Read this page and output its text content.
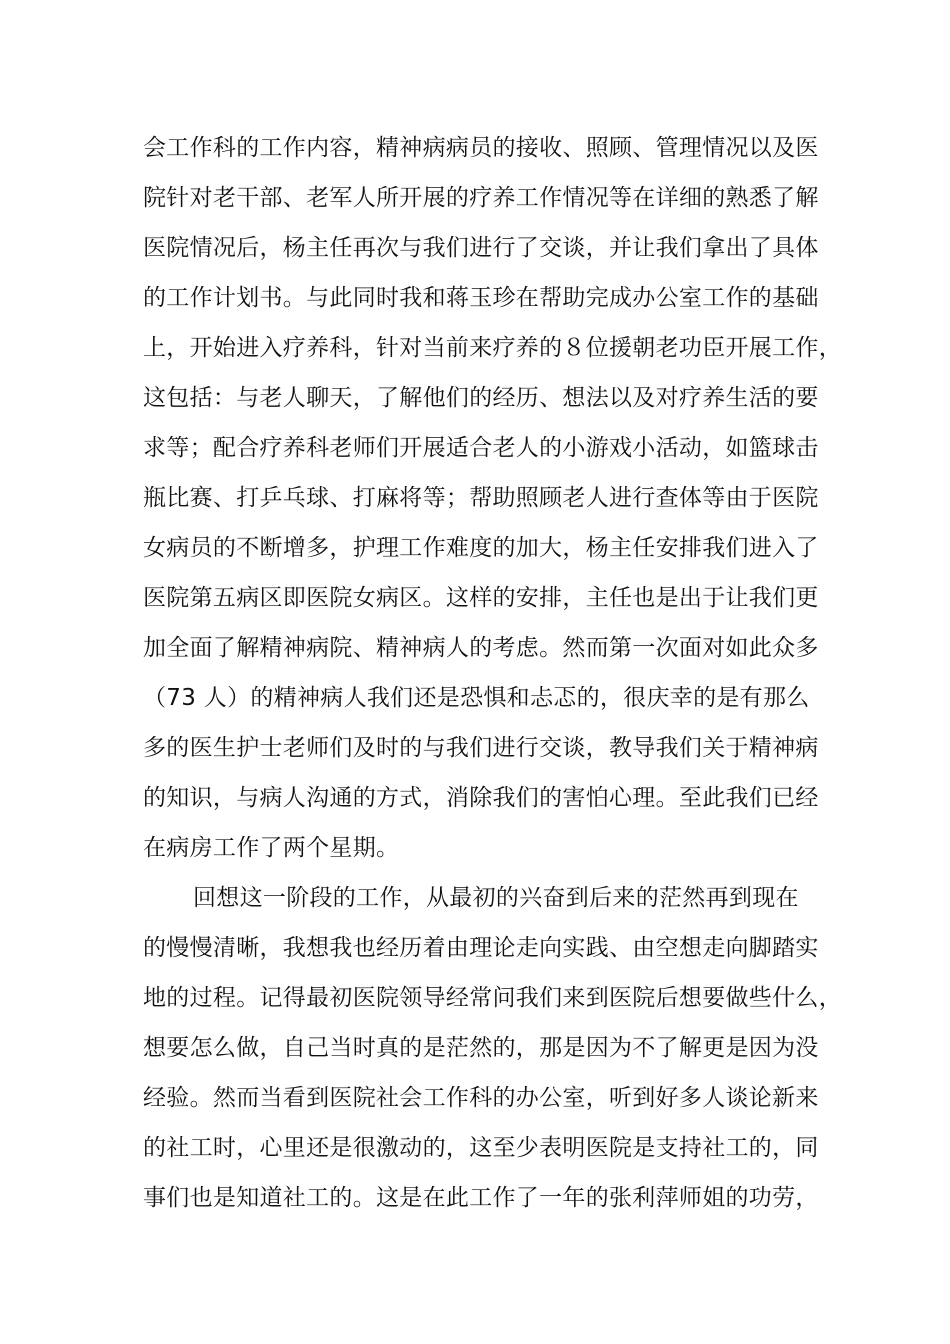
会工作科的工作内容，精神病病员的接收、照顾、管理情况以及医
院针对老干部、老军人所开展的疗养工作情况等在详细的熟悉了解
医院情况后，杨主任再次与我们进行了交谈，并让我们拿出了具体
的工作计划书。与此同时我和蒋玉珍在帮助完成办公室工作的基础
上，开始进入疗养科，针对当前来疗养的８位援朝老功臣开展工作，
这包括：与老人聊天，了解他们的经历、想法以及对疗养生活的要
求等；配合疗养科老师们开展适合老人的小游戏小活动，如篮球击
瓶比赛、打乒乓球、打麻将等；帮助照顾老人进行查体等由于医院
女病员的不断增多，护理工作难度的加大，杨主任安排我们进入了
医院第五病区即医院女病区。这样的安排，主任也是出于让我们更
加全面了解精神病院、精神病人的考虑。然而第一次面对如此众多
（73 人）的精神病人我们还是恐惧和忐忑的，很庆幸的是有那么
多的医生护士老师们及时的与我们进行交谈，教导我们关于精神病
的知识，与病人沟通的方式，消除我们的害怕心理。至此我们已经
在病房工作了两个星期。
回想这一阶段的工作，从最初的兴奋到后来的茫然再到现在
的慢慢清晰，我想我也经历着由理论走向实践、由空想走向脚踏实
地的过程。记得最初医院领导经常问我们来到医院后想要做些什么，
想要怎么做，自己当时真的是茫然的，那是因为不了解更是因为没
经验。然而当看到医院社会工作科的办公室，听到好多人谈论新来
的社工时，心里还是很激动的，这至少表明医院是支持社工的，同
事们也是知道社工的。这是在此工作了一年的张利萍师姐的功劳，
